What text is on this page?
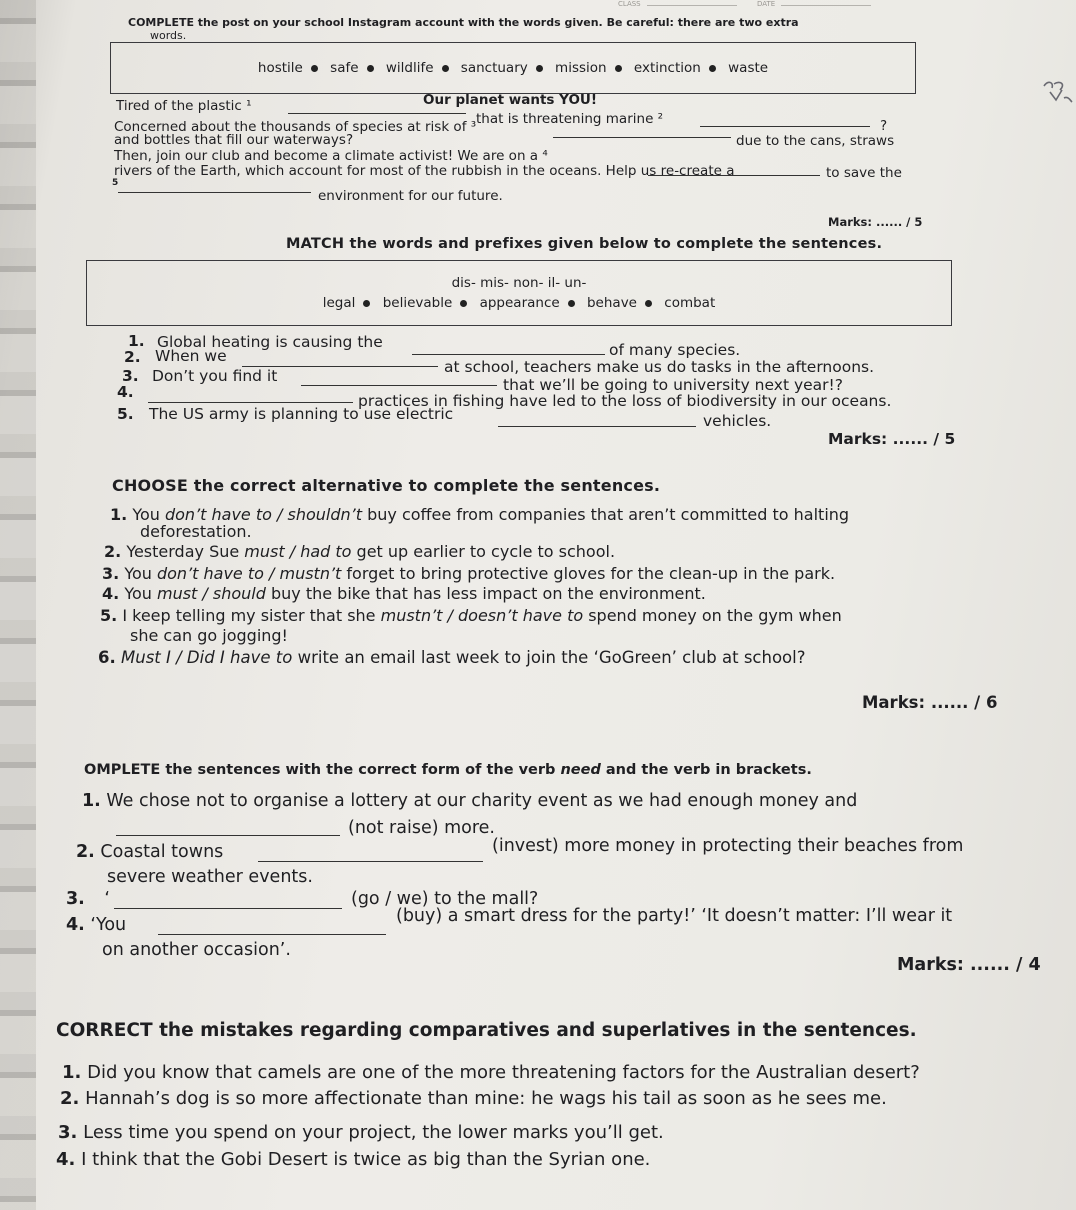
CLASS	DATE
COMPLETE the post on your school Instagram account with the words given. Be careful: there are two extra
words.
hostile safe wildlife sanctuary mission extinction waste
Our planet wants YOU!
Tired of the plastic ¹
that is threatening marine ²	?
Concerned about the thousands of species at risk of ³
due to the cans, straws
and bottles that fill our waterways?
Then, join our club and become a climate activist! We are on a ⁴
to save the
rivers of the Earth, which account for most of the rubbish in the oceans. Help us re-create a
5
environment for our future.
Marks: ...... / 5
MATCH the words and prefixes given below to complete the sentences.
dis- mis- non- il- un-
legal believable appearance behave combat
1. Global heating is causing the	of many species.
2. When we
at school, teachers make us do tasks in the afternoons.
3. Don’t you find it	that we’ll be going to university next year!?
4.	practices in fishing have led to the loss of biodiversity in our oceans.
5. The US army is planning to use electric	vehicles.
Marks: ...... / 5
CHOOSE the correct alternative to complete the sentences.
1. You don’t have to / shouldn’t buy coffee from companies that aren’t committed to halting
deforestation.
2. Yesterday Sue must / had to get up earlier to cycle to school.
3. You don’t have to / mustn’t forget to bring protective gloves for the clean-up in the park.
4. You must / should buy the bike that has less impact on the environment.
5. I keep telling my sister that she mustn’t / doesn’t have to spend money on the gym when
she can go jogging!
6. Must I / Did I have to write an email last week to join the ‘GoGreen’ club at school?
Marks: ...... / 6
OMPLETE the sentences with the correct form of the verb need and the verb in brackets.
1. We chose not to organise a lottery at our charity event as we had enough money and
(not raise) more.
2. Coastal towns	(invest) more money in protecting their beaches from
severe weather events.
3. ‘	(go / we) to the mall?
4. ‘You	(buy) a smart dress for the party!’ ‘It doesn’t matter: I’ll wear it
on another occasion’.
Marks: ...... / 4
CORRECT the mistakes regarding comparatives and superlatives in the sentences.
1. Did you know that camels are one of the more threatening factors for the Australian desert?
2. Hannah’s dog is so more affectionate than mine: he wags his tail as soon as he sees me.
3. Less time you spend on your project, the lower marks you’ll get.
4. I think that the Gobi Desert is twice as big than the Syrian one.
